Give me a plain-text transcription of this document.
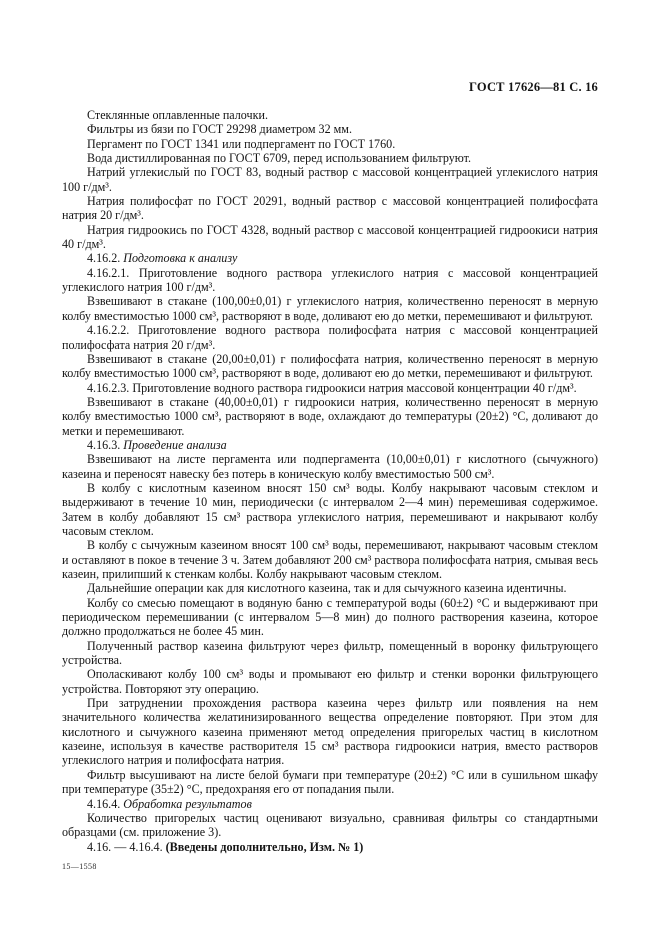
ГОСТ 17626—81 С. 16

Стеклянные оплавленные палочки.

Фильтры из бязи по ГОСТ 29298 диаметром 32 мм.

Пергамент по ГОСТ 1341 или подпергамент по ГОСТ 1760.

Вода дистиллированная по ГОСТ 6709, перед использованием фильтруют.

Натрий углекислый по ГОСТ 83, водный раствор с массовой концентрацией углекислого натрия 100 г/дм³.

Натрия полифосфат по ГОСТ 20291, водный раствор с массовой концентрацией полифосфата натрия 20 г/дм³.

Натрия гидроокись по ГОСТ 4328, водный раствор с массовой концентрацией гидроокиси натрия 40 г/дм³.

4.16.2. Подготовка к анализу

4.16.2.1. Приготовление водного раствора углекислого натрия с массовой концентрацией углекислого натрия 100 г/дм³.

Взвешивают в стакане (100,00±0,01) г углекислого натрия, количественно переносят в мерную колбу вместимостью 1000 см³, растворяют в воде, доливают ею до метки, перемешивают и фильтруют.

4.16.2.2. Приготовление водного раствора полифосфата натрия с массовой концентрацией полифосфата натрия 20 г/дм³.

Взвешивают в стакане (20,00±0,01) г полифосфата натрия, количественно переносят в мерную колбу вместимостью 1000 см³, растворяют в воде, доливают ею до метки, перемешивают и фильтруют.

4.16.2.3. Приготовление водного раствора гидроокиси натрия массовой концентрации 40 г/дм³.

Взвешивают в стакане (40,00±0,01) г гидроокиси натрия, количественно переносят в мерную колбу вместимостью 1000 см³, растворяют в воде, охлаждают до температуры (20±2) °С, доливают до метки и перемешивают.

4.16.3. Проведение анализа

Взвешивают на листе пергамента или подпергамента (10,00±0,01) г кислотного (сычужного) казеина и переносят навеску без потерь в коническую колбу вместимостью 500 см³.

В колбу с кислотным казеином вносят 150 см³ воды. Колбу накрывают часовым стеклом и выдерживают в течение 10 мин, периодически (с интервалом 2—4 мин) перемешивая содержимое. Затем в колбу добавляют 15 см³ раствора углекислого натрия, перемешивают и накрывают колбу часовым стеклом.

В колбу с сычужным казеином вносят 100 см³ воды, перемешивают, накрывают часовым стеклом и оставляют в покое в течение 3 ч. Затем добавляют 200 см³ раствора полифосфата натрия, смывая весь казеин, прилипший к стенкам колбы. Колбу накрывают часовым стеклом.

Дальнейшие операции как для кислотного казеина, так и для сычужного казеина идентичны.

Колбу со смесью помещают в водяную баню с температурой воды (60±2) °С и выдерживают при периодическом перемешивании (с интервалом 5—8 мин) до полного растворения казеина, которое должно продолжаться не более 45 мин.

Полученный раствор казеина фильтруют через фильтр, помещенный в воронку фильтрующего устройства.

Ополаскивают колбу 100 см³ воды и промывают ею фильтр и стенки воронки фильтрующего устройства. Повторяют эту операцию.

При затруднении прохождения раствора казеина через фильтр или появления на нем значительного количества желатинизированного вещества определение повторяют. При этом для кислотного и сычужного казеина применяют метод определения пригорелых частиц в кислотном казеине, используя в качестве растворителя 15 см³ раствора гидроокиси натрия, вместо растворов углекислого натрия и полифосфата натрия.

Фильтр высушивают на листе белой бумаги при температуре (20±2) °С или в сушильном шкафу при температуре (35±2) °С, предохраняя его от попадания пыли.

4.16.4. Обработка результатов

Количество пригорелых частиц оценивают визуально, сравнивая фильтры со стандартными образцами (см. приложение 3).

4.16. — 4.16.4. (Введены дополнительно, Изм. № 1)

15—1558
